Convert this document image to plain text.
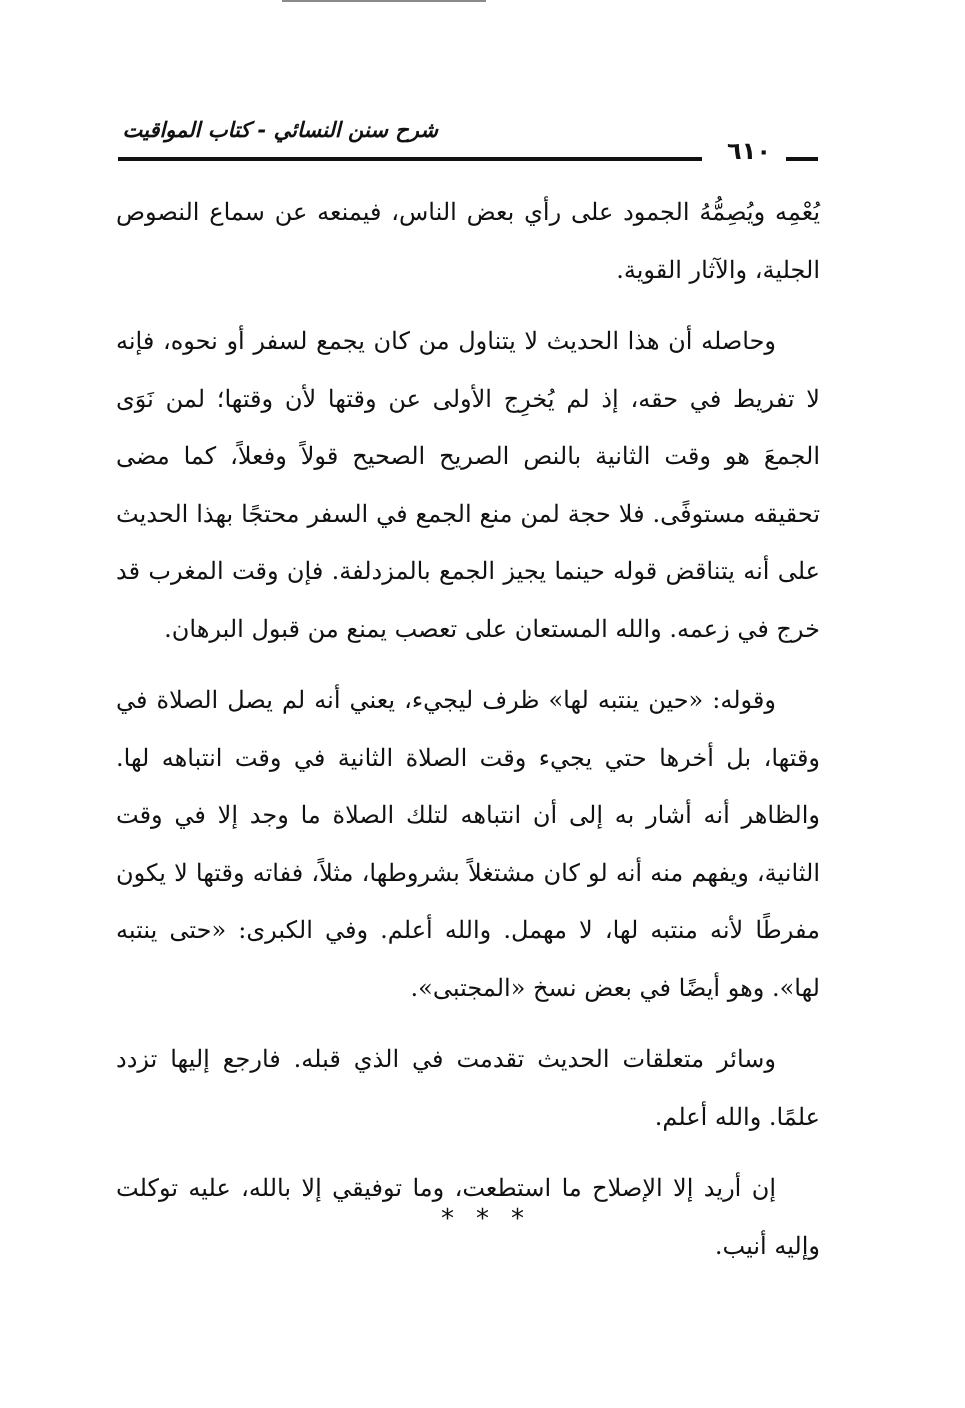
شرح سنن النسائي - كتاب المواقيت
٦١٠

يُعْمِه ويُصِمُّهُ الجمود على رأي بعض الناس، فيمنعه عن سماع النصوص الجلية، والآثار القوية.

وحاصله أن هذا الحديث لا يتناول من كان يجمع لسفر أو نحوه، فإنه لا تفريط في حقه، إذ لم يُخرِج الأولى عن وقتها لأن وقتها؛ لمن نَوَى الجمعَ هو وقت الثانية بالنص الصريح الصحيح قولاً وفعلاً، كما مضى تحقيقه مستوفًى. فلا حجة لمن منع الجمع في السفر محتجًا بهذا الحديث على أنه يتناقض قوله حينما يجيز الجمع بالمزدلفة. فإن وقت المغرب قد خرج في زعمه. والله المستعان على تعصب يمنع من قبول البرهان.

وقوله: «حين ينتبه لها» ظرف ليجيء، يعني أنه لم يصل الصلاة في وقتها، بل أخرها حتي يجيء وقت الصلاة الثانية في وقت انتباهه لها. والظاهر أنه أشار به إلى أن انتباهه لتلك الصلاة ما وجد إلا في وقت الثانية، ويفهم منه أنه لو كان مشتغلاً بشروطها، مثلاً، ففاته وقتها لا يكون مفرطًا لأنه منتبه لها، لا مهمل. والله أعلم. وفي الكبرى: «حتى ينتبه لها». وهو أيضًا في بعض نسخ «المجتبى».

وسائر متعلقات الحديث تقدمت في الذي قبله. فارجع إليها تزدد علمًا. والله أعلم.

إن أريد إلا الإصلاح ما استطعت، وما توفيقي إلا بالله، عليه توكلت وإليه أنيب.

***
